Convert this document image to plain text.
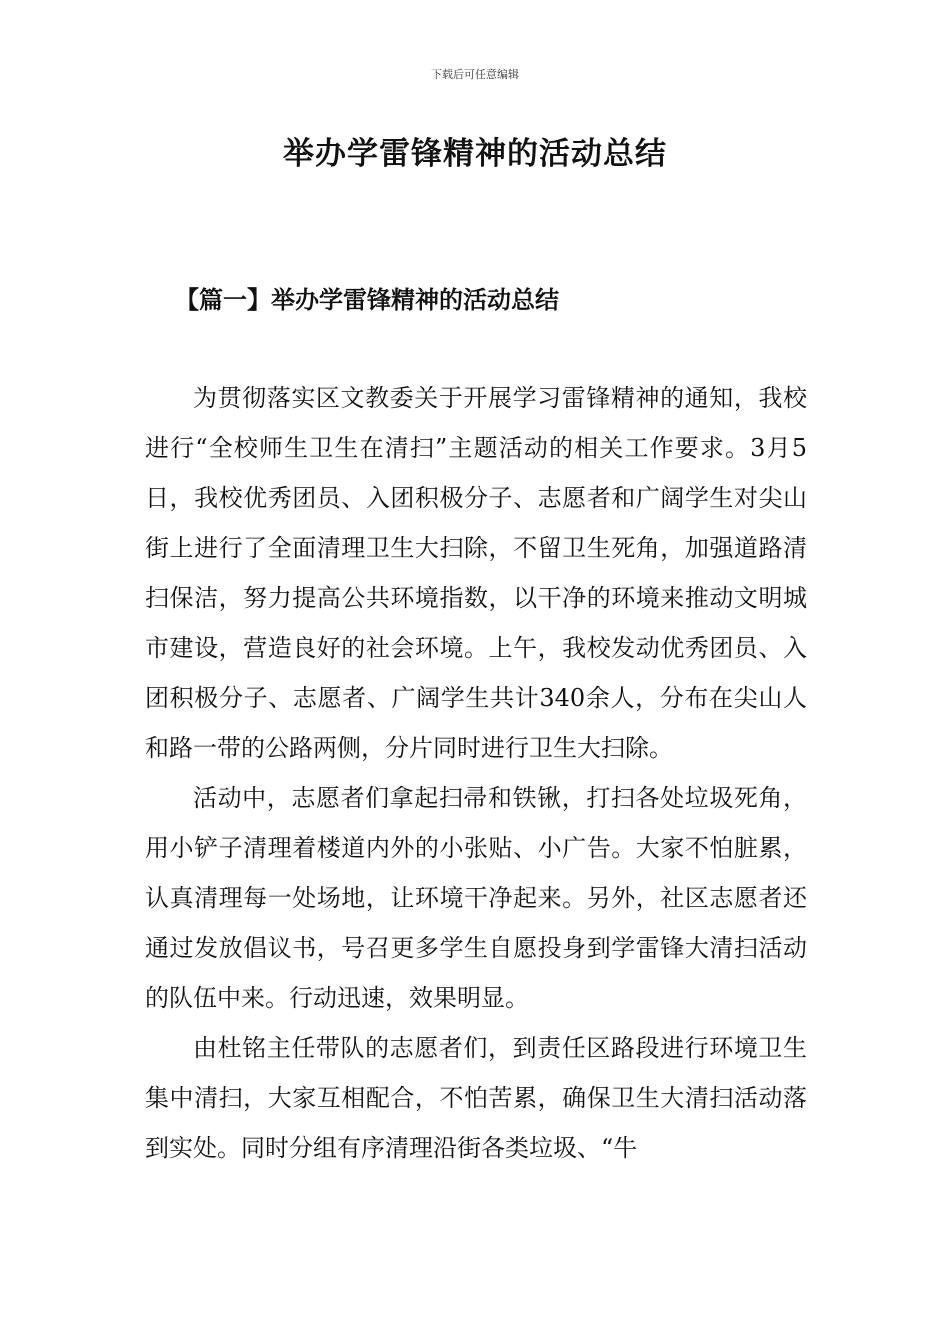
下载后可任意编辑
举办学雷锋精神的活动总结
【篇一】举办学雷锋精神的活动总结

为贯彻落实区文教委关于开展学习雷锋精神的通知，我校进行“全校师生卫生在清扫”主题活动的相关工作要求。3月5日，我校优秀团员、入团积极分子、志愿者和广阔学生对尖山街上进行了全面清理卫生大扫除，不留卫生死角，加强道路清扫保洁，努力提高公共环境指数，以干净的环境来推动文明城市建设，营造良好的社会环境。上午，我校发动优秀团员、入团积极分子、志愿者、广阔学生共计340余人，分布在尖山人和路一带的公路两侧，分片同时进行卫生大扫除。

活动中，志愿者们拿起扫帚和铁锹，打扫各处垃圾死角，用小铲子清理着楼道内外的小张贴、小广告。大家不怕脏累，认真清理每一处场地，让环境干净起来。另外，社区志愿者还通过发放倡议书，号召更多学生自愿投身到学雷锋大清扫活动的队伍中来。行动迅速，效果明显。

由杜铭主任带队的志愿者们，到责任区路段进行环境卫生集中清扫，大家互相配合，不怕苦累，确保卫生大清扫活动落到实处。同时分组有序清理沿街各类垃圾、“牛
